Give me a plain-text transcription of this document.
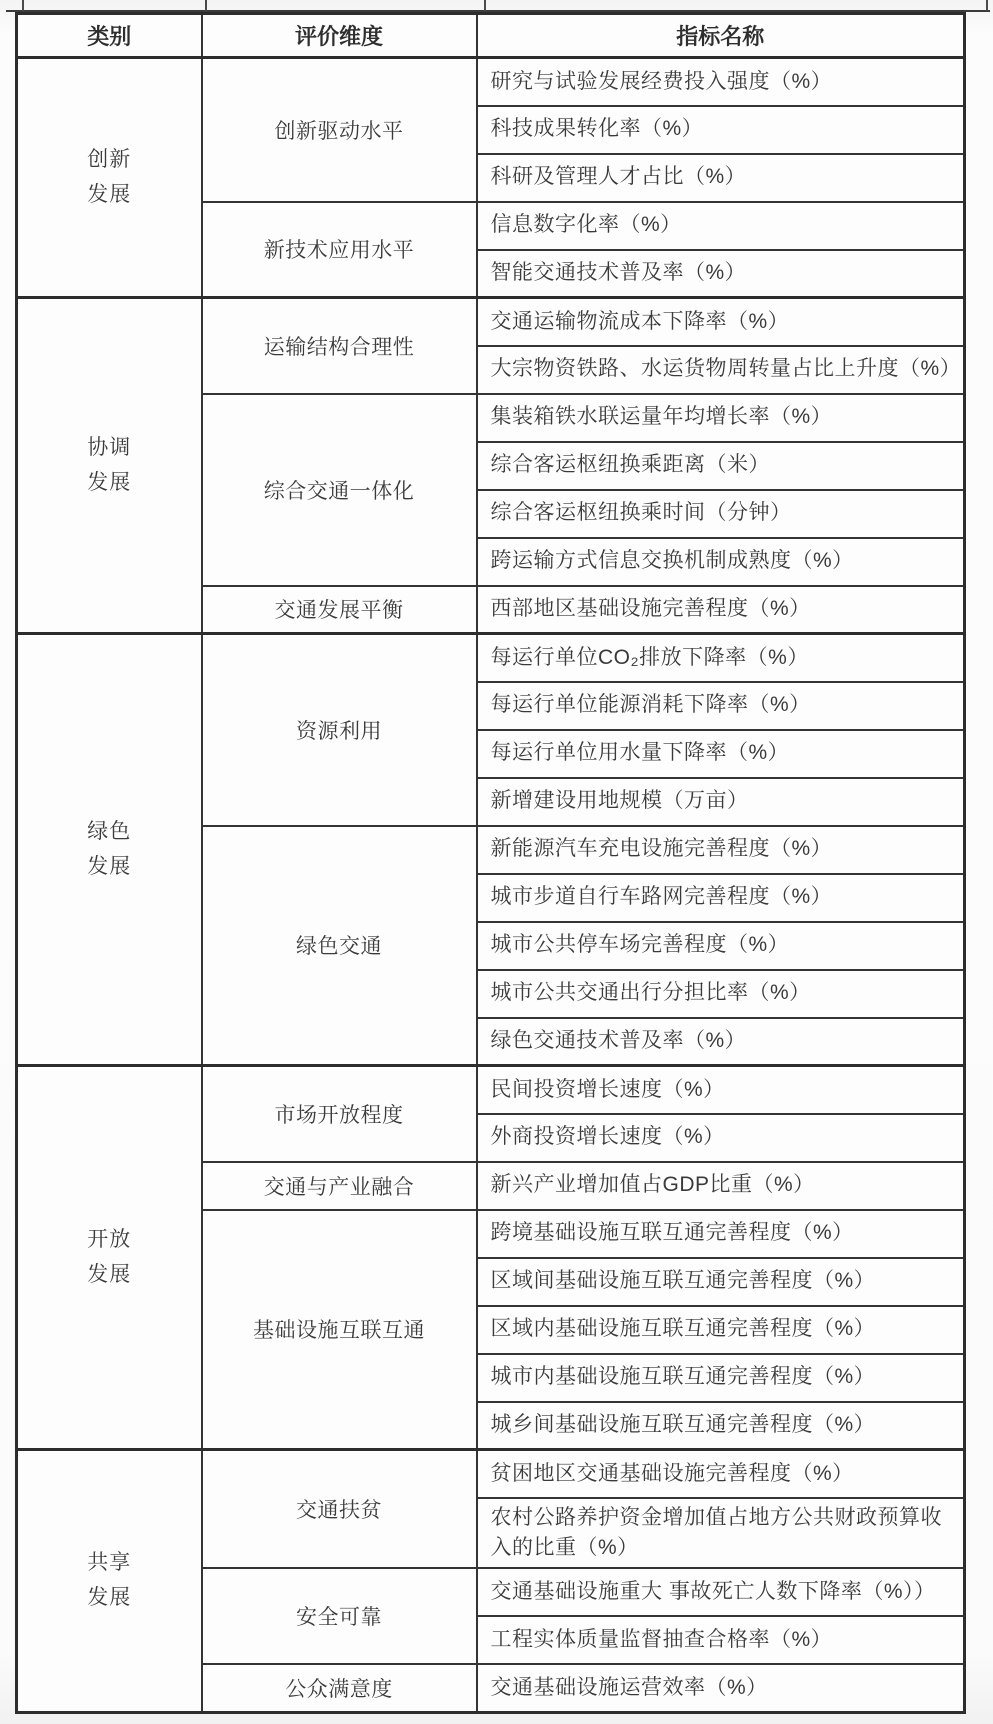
类别	评价维度	指标名称
创新发展	创新驱动水平	研究与试验发展经费投入强度（%）
		科技成果转化率（%）
		科研及管理人才占比（%）
	新技术应用水平	信息数字化率（%）
		智能交通技术普及率（%）
协调发展	运输结构合理性	交通运输物流成本下降率（%）
		大宗物资铁路、水运货物周转量占比上升度（%）
	综合交通一体化	集装箱铁水联运量年均增长率（%）
		综合客运枢纽换乘距离（米）
		综合客运枢纽换乘时间（分钟）
		跨运输方式信息交换机制成熟度（%）
	交通发展平衡	西部地区基础设施完善程度（%）
绿色发展	资源利用	每运行单位CO₂排放下降率（%）
		每运行单位能源消耗下降率（%）
		每运行单位用水量下降率（%）
		新增建设用地规模（万亩）
	绿色交通	新能源汽车充电设施完善程度（%）
		城市步道自行车路网完善程度（%）
		城市公共停车场完善程度（%）
		城市公共交通出行分担比率（%）
		绿色交通技术普及率（%）
开放发展	市场开放程度	民间投资增长速度（%）
		外商投资增长速度（%）
	交通与产业融合	新兴产业增加值占GDP比重（%）
	基础设施互联互通	跨境基础设施互联互通完善程度（%）
		区域间基础设施互联互通完善程度（%）
		区域内基础设施互联互通完善程度（%）
		城市内基础设施互联互通完善程度（%）
		城乡间基础设施互联互通完善程度（%）
共享发展	交通扶贫	贫困地区交通基础设施完善程度（%）
		农村公路养护资金增加值占地方公共财政预算收入的比重（%）
	安全可靠	交通基础设施重大 事故死亡人数下降率（%））
		工程实体质量监督抽查合格率（%）
	公众满意度	交通基础设施运营效率（%）
